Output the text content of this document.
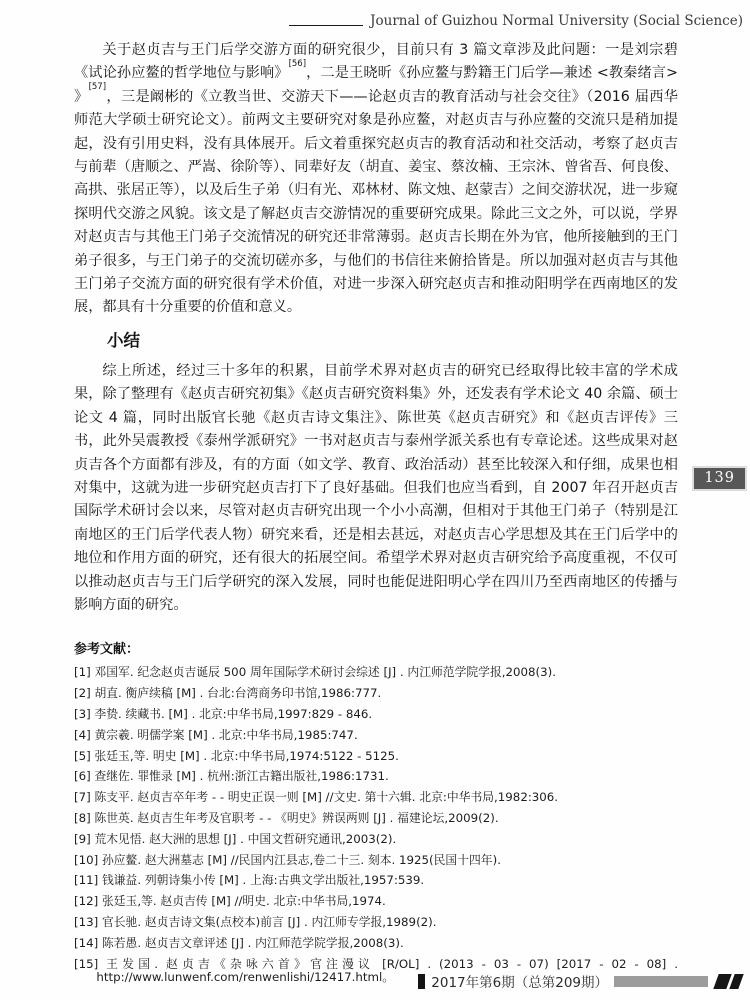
Journal of Guizhou Normal University (Social Science)
139

关于赵贞吉与王门后学交游方面的研究很少，目前只有 3 篇文章涉及此问题：一是刘宗碧《试论孙应鳌的哲学地位与影响》[56]，二是王晓昕《孙应鳌与黔籍王门后学—兼述 <教秦绪言> 》[57]，三是阚彬的《立教当世、交游天下——论赵贞吉的教育活动与社会交往》（2016 届西华师范大学硕士研究论文）。前两文主要研究对象是孙应鳌，对赵贞吉与孙应鳌的交流只是稍加提起，没有引用史料，没有具体展开。后文着重探究赵贞吉的教育活动和社交活动，考察了赵贞吉与前辈（唐顺之、严嵩、徐阶等）、同辈好友（胡直、姜宝、蔡汝楠、王宗沐、曾省吾、何良俊、高拱、张居正等），以及后生子弟（归有光、邓林材、陈文烛、赵蒙吉）之间交游状况，进一步窥探明代交游之风貌。该文是了解赵贞吉交游情况的重要研究成果。除此三文之外，可以说，学界对赵贞吉与其他王门弟子交流情况的研究还非常薄弱。赵贞吉长期在外为官，他所接触到的王门弟子很多，与王门弟子的交流切磋亦多，与他们的书信往来俯拾皆是。所以加强对赵贞吉与其他王门弟子交流方面的研究很有学术价值，对进一步深入研究赵贞吉和推动阳明学在西南地区的发展，都具有十分重要的价值和意义。

小结

综上所述，经过三十多年的积累，目前学术界对赵贞吉的研究已经取得比较丰富的学术成果，除了整理有《赵贞吉研究初集》《赵贞吉研究资料集》外，还发表有学术论文 40 余篇、硕士论文 4 篇，同时出版官长驰《赵贞吉诗文集注》、陈世英《赵贞吉研究》和《赵贞吉评传》三书，此外吴震教授《泰州学派研究》一书对赵贞吉与泰州学派关系也有专章论述。这些成果对赵贞吉各个方面都有涉及，有的方面（如文学、教育、政治活动）甚至比较深入和仔细，成果也相对集中，这就为进一步研究赵贞吉打下了良好基础。但我们也应当看到，自 2007 年召开赵贞吉国际学术研讨会以来，尽管对赵贞吉研究出现一个小小高潮，但相对于其他王门弟子（特别是江南地区的王门后学代表人物）研究来看，还是相去甚远，对赵贞吉心学思想及其在王门后学中的地位和作用方面的研究，还有很大的拓展空间。希望学术界对赵贞吉研究给予高度重视，不仅可以推动赵贞吉与王门后学研究的深入发展，同时也能促进阳明心学在四川乃至西南地区的传播与影响方面的研究。

参考文献：
[1] 邓国军. 纪念赵贞吉诞辰 500 周年国际学术研讨会综述 [J] . 内江师范学院学报,2008(3).
[2] 胡直. 衡庐续稿 [M] . 台北:台湾商务印书馆,1986:777.
[3] 李贽. 续藏书. [M] . 北京:中华书局,1997:829 - 846.
[4] 黄宗羲. 明儒学案 [M] . 北京:中华书局,1985:747.
[5] 张廷玉,等. 明史 [M] . 北京:中华书局,1974:5122 - 5125.
[6] 查继佐. 罪惟录 [M] . 杭州:浙江古籍出版社,1986:1731.
[7] 陈支平. 赵贞吉卒年考 - - 明史正误一则 [M] //文史. 第十六辑. 北京:中华书局,1982:306.
[8] 陈世英. 赵贞吉生年考及官职考 - - 《明史》辨误两则 [J] . 福建论坛,2009(2).
[9] 荒木见悟. 赵大洲的思想 [J] . 中国文哲研究通讯,2003(2).
[10] 孙应鳌. 赵大洲墓志 [M] //民国内江县志,卷二十三. 刻本. 1925(民国十四年).
[11] 钱谦益. 列朝诗集小传 [M] . 上海:古典文学出版社,1957:539.
[12] 张廷玉,等. 赵贞吉传 [M] //明史. 北京:中华书局,1974.
[13] 官长驰. 赵贞吉诗文集(点校本)前言 [J] . 内江师专学报,1989(2).
[14] 陈若愚. 赵贞吉文章评述 [J] . 内江师范学院学报,2008(3).
[15] 王发国. 赵贞吉《杂咏六首》官注漫议 [R/OL] . (2013 - 03 - 07) [2017 - 02 - 08] . http://www.lunwenf.com/renwenlishi/12417.html。	2017年第6期（总第209期）
